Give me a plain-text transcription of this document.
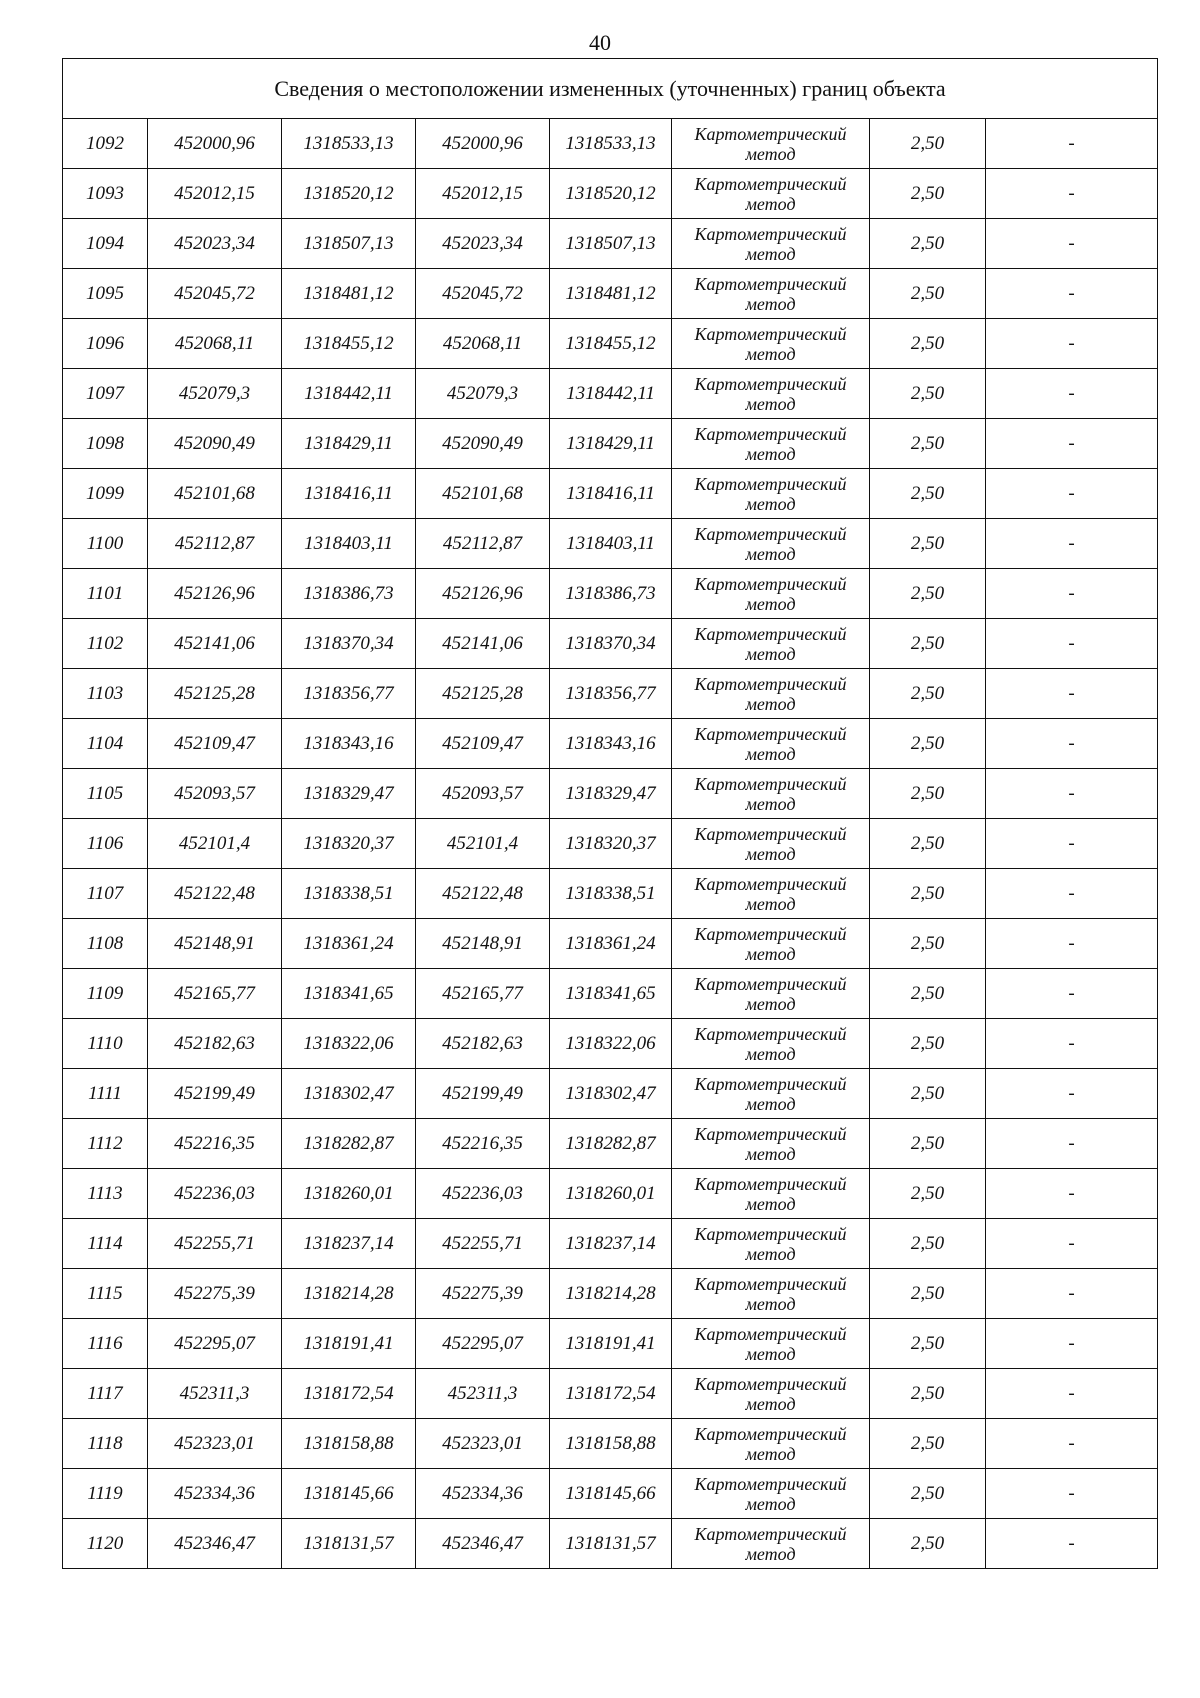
40
Сведения о местоположении измененных (уточненных) границ объекта							
1092	452000,96	1318533,13	452000,96	1318533,13	Картометрический метод	2,50	-
1093	452012,15	1318520,12	452012,15	1318520,12	Картометрический метод	2,50	-
1094	452023,34	1318507,13	452023,34	1318507,13	Картометрический метод	2,50	-
1095	452045,72	1318481,12	452045,72	1318481,12	Картометрический метод	2,50	-
1096	452068,11	1318455,12	452068,11	1318455,12	Картометрический метод	2,50	-
1097	452079,3	1318442,11	452079,3	1318442,11	Картометрический метод	2,50	-
1098	452090,49	1318429,11	452090,49	1318429,11	Картометрический метод	2,50	-
1099	452101,68	1318416,11	452101,68	1318416,11	Картометрический метод	2,50	-
1100	452112,87	1318403,11	452112,87	1318403,11	Картометрический метод	2,50	-
1101	452126,96	1318386,73	452126,96	1318386,73	Картометрический метод	2,50	-
1102	452141,06	1318370,34	452141,06	1318370,34	Картометрический метод	2,50	-
1103	452125,28	1318356,77	452125,28	1318356,77	Картометрический метод	2,50	-
1104	452109,47	1318343,16	452109,47	1318343,16	Картометрический метод	2,50	-
1105	452093,57	1318329,47	452093,57	1318329,47	Картометрический метод	2,50	-
1106	452101,4	1318320,37	452101,4	1318320,37	Картометрический метод	2,50	-
1107	452122,48	1318338,51	452122,48	1318338,51	Картометрический метод	2,50	-
1108	452148,91	1318361,24	452148,91	1318361,24	Картометрический метод	2,50	-
1109	452165,77	1318341,65	452165,77	1318341,65	Картометрический метод	2,50	-
1110	452182,63	1318322,06	452182,63	1318322,06	Картометрический метод	2,50	-
1111	452199,49	1318302,47	452199,49	1318302,47	Картометрический метод	2,50	-
1112	452216,35	1318282,87	452216,35	1318282,87	Картометрический метод	2,50	-
1113	452236,03	1318260,01	452236,03	1318260,01	Картометрический метод	2,50	-
1114	452255,71	1318237,14	452255,71	1318237,14	Картометрический метод	2,50	-
1115	452275,39	1318214,28	452275,39	1318214,28	Картометрический метод	2,50	-
1116	452295,07	1318191,41	452295,07	1318191,41	Картометрический метод	2,50	-
1117	452311,3	1318172,54	452311,3	1318172,54	Картометрический метод	2,50	-
1118	452323,01	1318158,88	452323,01	1318158,88	Картометрический метод	2,50	-
1119	452334,36	1318145,66	452334,36	1318145,66	Картометрический метод	2,50	-
1120	452346,47	1318131,57	452346,47	1318131,57	Картометрический метод	2,50	-
